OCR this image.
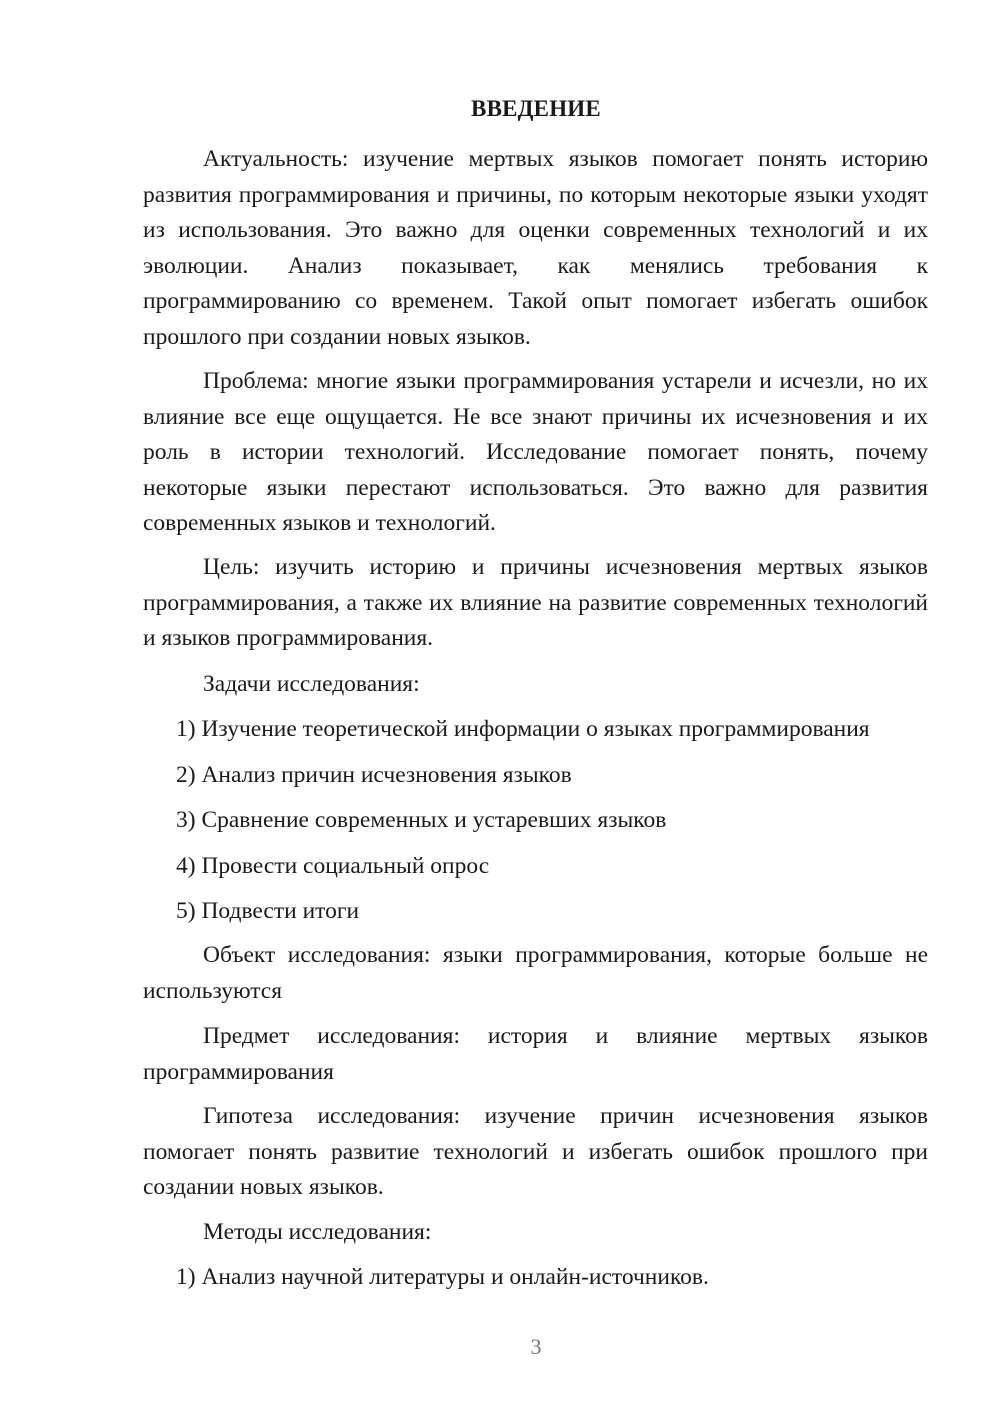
ВВЕДЕНИЕ

Актуальность: изучение мертвых языков помогает понять историю развития программирования и причины, по которым некоторые языки уходят из использования. Это важно для оценки современных технологий и их эволюции. Анализ показывает, как менялись требования к программированию со временем. Такой опыт помогает избегать ошибок прошлого при создании новых языков.

Проблема: многие языки программирования устарели и исчезли, но их влияние все еще ощущается. Не все знают причины их исчезновения и их роль в истории технологий. Исследование помогает понять, почему некоторые языки перестают использоваться. Это важно для развития современных языков и технологий.

Цель: изучить историю и причины исчезновения мертвых языков программирования, а также их влияние на развитие современных технологий и языков программирования.

Задачи исследования:

1) Изучение теоретической информации о языках программирования

2) Анализ причин исчезновения языков

3) Сравнение современных и устаревших языков

4) Провести социальный опрос

5) Подвести итоги

Объект исследования: языки программирования, которые больше не используются

Предмет исследования: история и влияние мертвых языков программирования

Гипотеза исследования: изучение причин исчезновения языков помогает понять развитие технологий и избегать ошибок прошлого при создании новых языков.

Методы исследования:

1) Анализ научной литературы и онлайн-источников.

3
